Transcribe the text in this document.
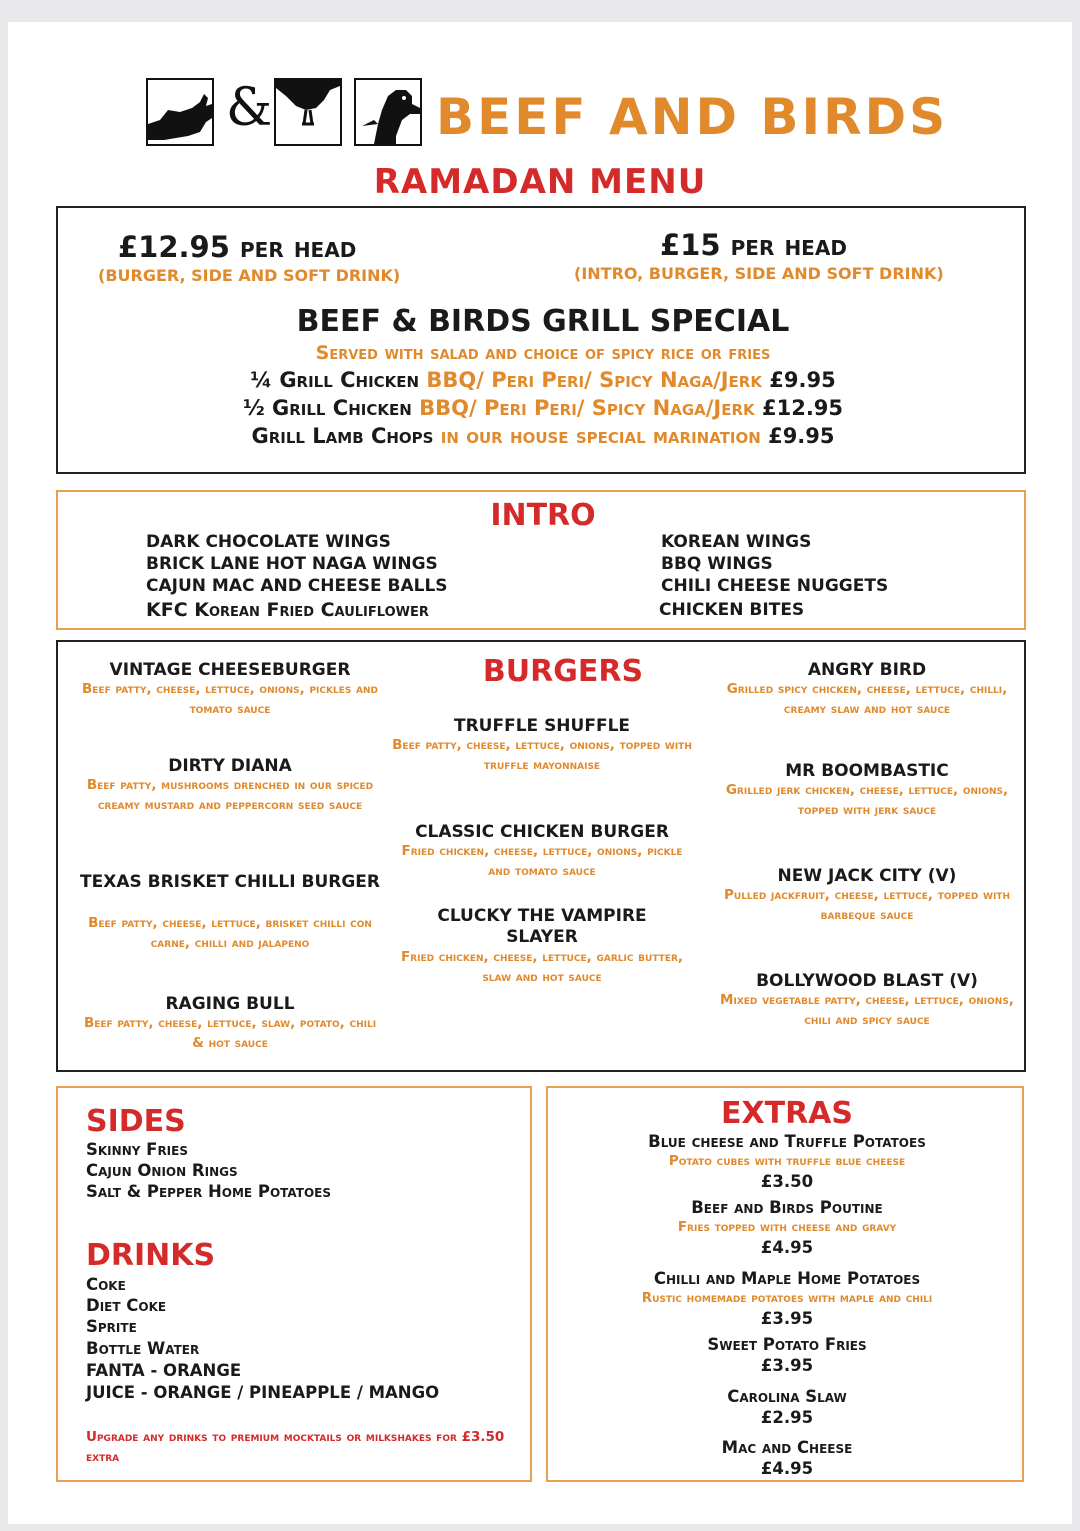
&	BEEF AND BIRDS
RAMADAN MENU
£12.95 per head
(BURGER, SIDE AND SOFT DRINK)
£15 per head
(INTRO, BURGER, SIDE AND SOFT DRINK)
BEEF & BIRDS GRILL SPECIAL
Served with salad and choice of spicy rice or fries
¼ Grill Chicken BBQ/ Peri Peri/ Spicy Naga/Jerk £9.95
½ Grill Chicken BBQ/ Peri Peri/ Spicy Naga/Jerk £12.95
Grill Lamb Chops in our house special marination £9.95
INTRO
DARK CHOCOLATE WINGS
BRICK LANE HOT NAGA WINGS
CAJUN MAC AND CHEESE BALLS
KFC Korean Fried Cauliflower
KOREAN WINGS
BBQ WINGS
CHILI CHEESE NUGGETS
CHICKEN BITES
BURGERS
VINTAGE CHEESEBURGER
Beef patty, cheese, lettuce, onions, pickles and tomato sauce
DIRTY DIANA
Beef patty, mushrooms drenched in our spiced creamy mustard and peppercorn seed sauce
TEXAS BRISKET CHILLI BURGER
Beef patty, cheese, lettuce, brisket chilli con carne, chilli and jalapeno
RAGING BULL
Beef patty, cheese, lettuce, slaw, potato, chili & hot sauce
TRUFFLE SHUFFLE
Beef patty, cheese, lettuce, onions, topped with truffle mayonnaise
CLASSIC CHICKEN BURGER
Fried chicken, cheese, lettuce, onions, pickle and tomato sauce
CLUCKY THE VAMPIRE SLAYER
Fried chicken, cheese, lettuce, garlic butter, slaw and hot sauce
ANGRY BIRD
Grilled spicy chicken, cheese, lettuce, chilli, creamy slaw and hot sauce
MR BOOMBASTIC
Grilled jerk chicken, cheese, lettuce, onions, topped with jerk sauce
NEW JACK CITY (V)
Pulled jackfruit, cheese, lettuce, topped with barbeque sauce
BOLLYWOOD BLAST (V)
Mixed vegetable patty, cheese, lettuce, onions, chili and spicy sauce
SIDES
Skinny Fries
Cajun Onion Rings
Salt & Pepper Home Potatoes
DRINKS
Coke
Diet Coke
Sprite
Bottle Water
FANTA - ORANGE
JUICE - ORANGE / PINEAPPLE / MANGO
Upgrade any drinks to premium mocktails or milkshakes for £3.50 extra
EXTRAS
Blue cheese and Truffle Potatoes
Potato cubes with truffle blue cheese
£3.50
Beef and Birds Poutine
Fries topped with cheese and gravy
£4.95
Chilli and Maple Home Potatoes
Rustic homemade potatoes with maple and chili
£3.95
Sweet Potato Fries
£3.95
Carolina Slaw
£2.95
Mac and Cheese
£4.95
